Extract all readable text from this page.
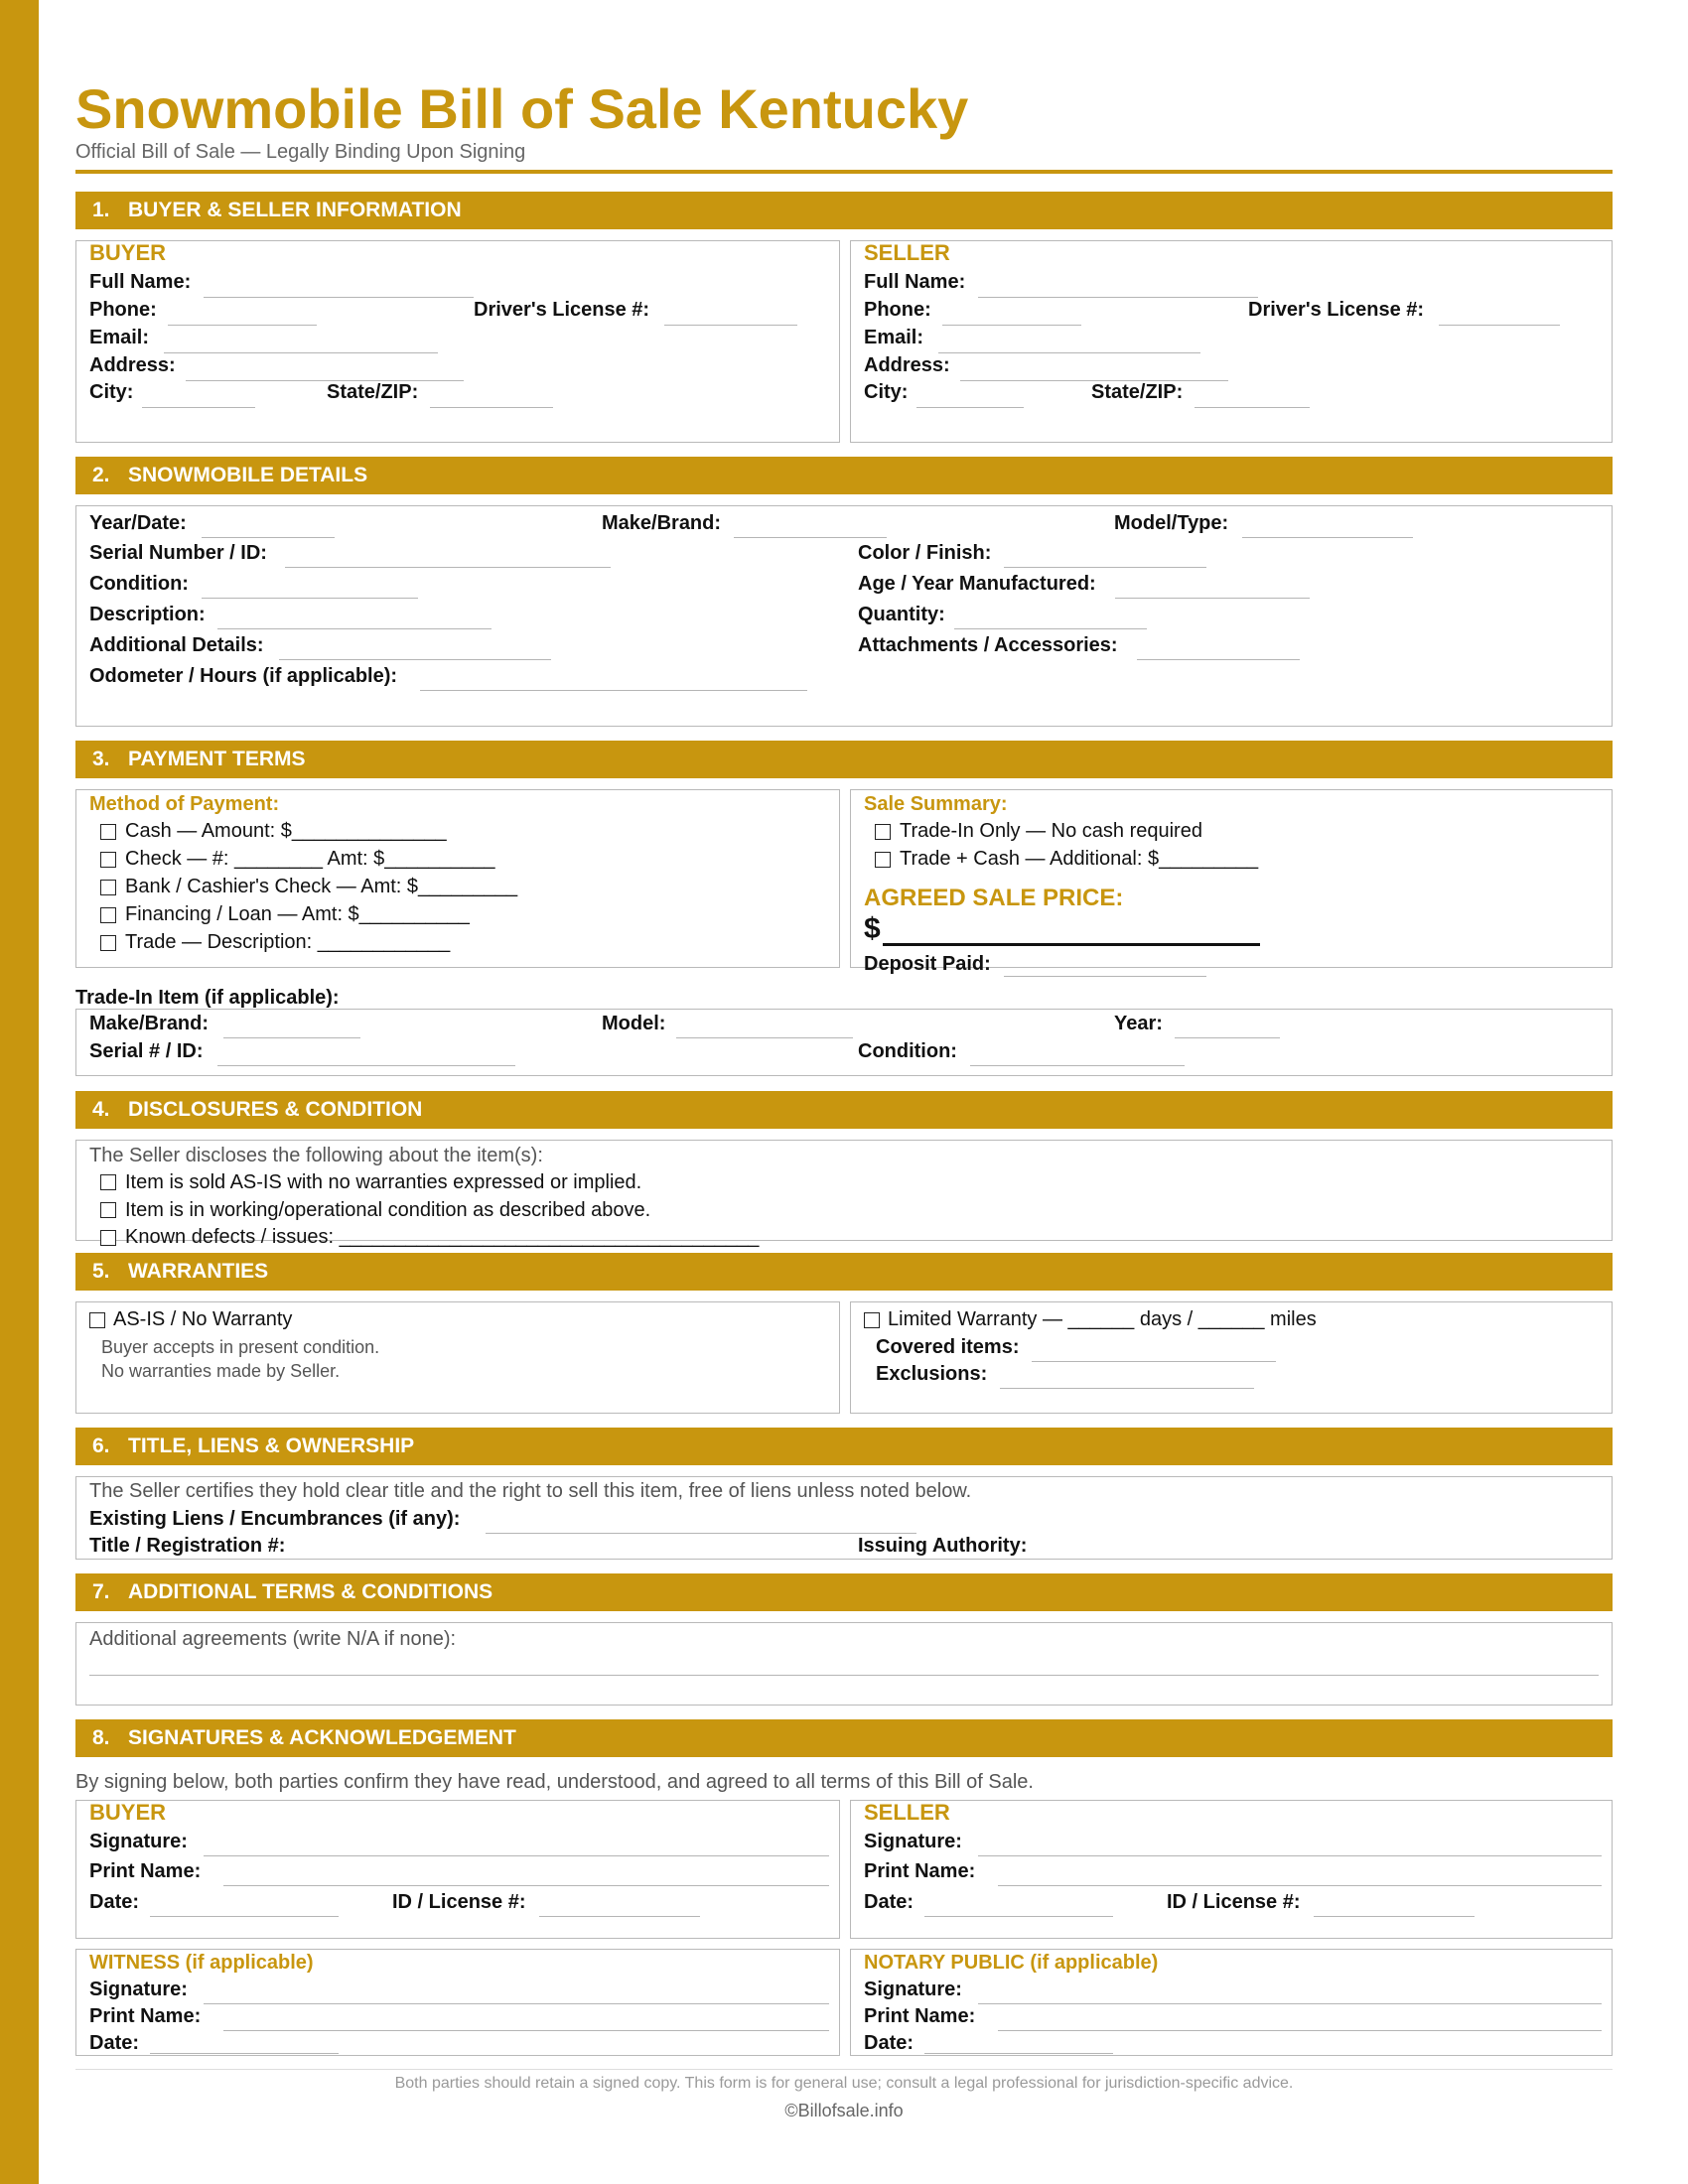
Snowmobile Bill of Sale Kentucky
Official Bill of Sale — Legally Binding Upon Signing
1. BUYER & SELLER INFORMATION
BUYER
Full Name:
Phone:	Driver's License #:
Email:
Address:
City:	State/ZIP:
SELLER
Full Name:
Phone:	Driver's License #:
Email:
Address:
City:	State/ZIP:
2. SNOWMOBILE DETAILS
Year/Date:	Make/Brand:	Model/Type:
Serial Number / ID:	Color / Finish:
Condition:	Age / Year Manufactured:
Description:	Quantity:
Additional Details:	Attachments / Accessories:
Odometer / Hours (if applicable):
3. PAYMENT TERMS
Method of Payment:
Cash — Amount: $______________
Check — #: ________ Amt: $__________
Bank / Cashier's Check — Amt: $_________
Financing / Loan — Amt: $__________
Trade — Description: ____________
Sale Summary:
Trade-In Only — No cash required
Trade + Cash — Additional: $_________
AGREED SALE PRICE:
$
Deposit Paid:
Trade-In Item (if applicable):
Make/Brand:	Model:	Year:
Serial # / ID:	Condition:
4. DISCLOSURES & CONDITION
The Seller discloses the following about the item(s):
Item is sold AS-IS with no warranties expressed or implied.
Item is in working/operational condition as described above.
Known defects / issues: ______________________________________
5. WARRANTIES
AS-IS / No Warranty
Buyer accepts in present condition.
No warranties made by Seller.
Limited Warranty — ______ days / ______ miles
Covered items:
Exclusions:
6. TITLE, LIENS & OWNERSHIP
The Seller certifies they hold clear title and the right to sell this item, free of liens unless noted below.
Existing Liens / Encumbrances (if any):
Title / Registration #:	Issuing Authority:
7. ADDITIONAL TERMS & CONDITIONS
Additional agreements (write N/A if none):
8. SIGNATURES & ACKNOWLEDGEMENT
By signing below, both parties confirm they have read, understood, and agreed to all terms of this Bill of Sale.
BUYER
Signature:
Print Name:
Date:	ID / License #:
SELLER
Signature:
Print Name:
Date:	ID / License #:
WITNESS (if applicable)
Signature:
Print Name:
Date:
NOTARY PUBLIC (if applicable)
Signature:
Print Name:
Date:
Both parties should retain a signed copy. This form is for general use; consult a legal professional for jurisdiction-specific advice.
©Billofsale.info
